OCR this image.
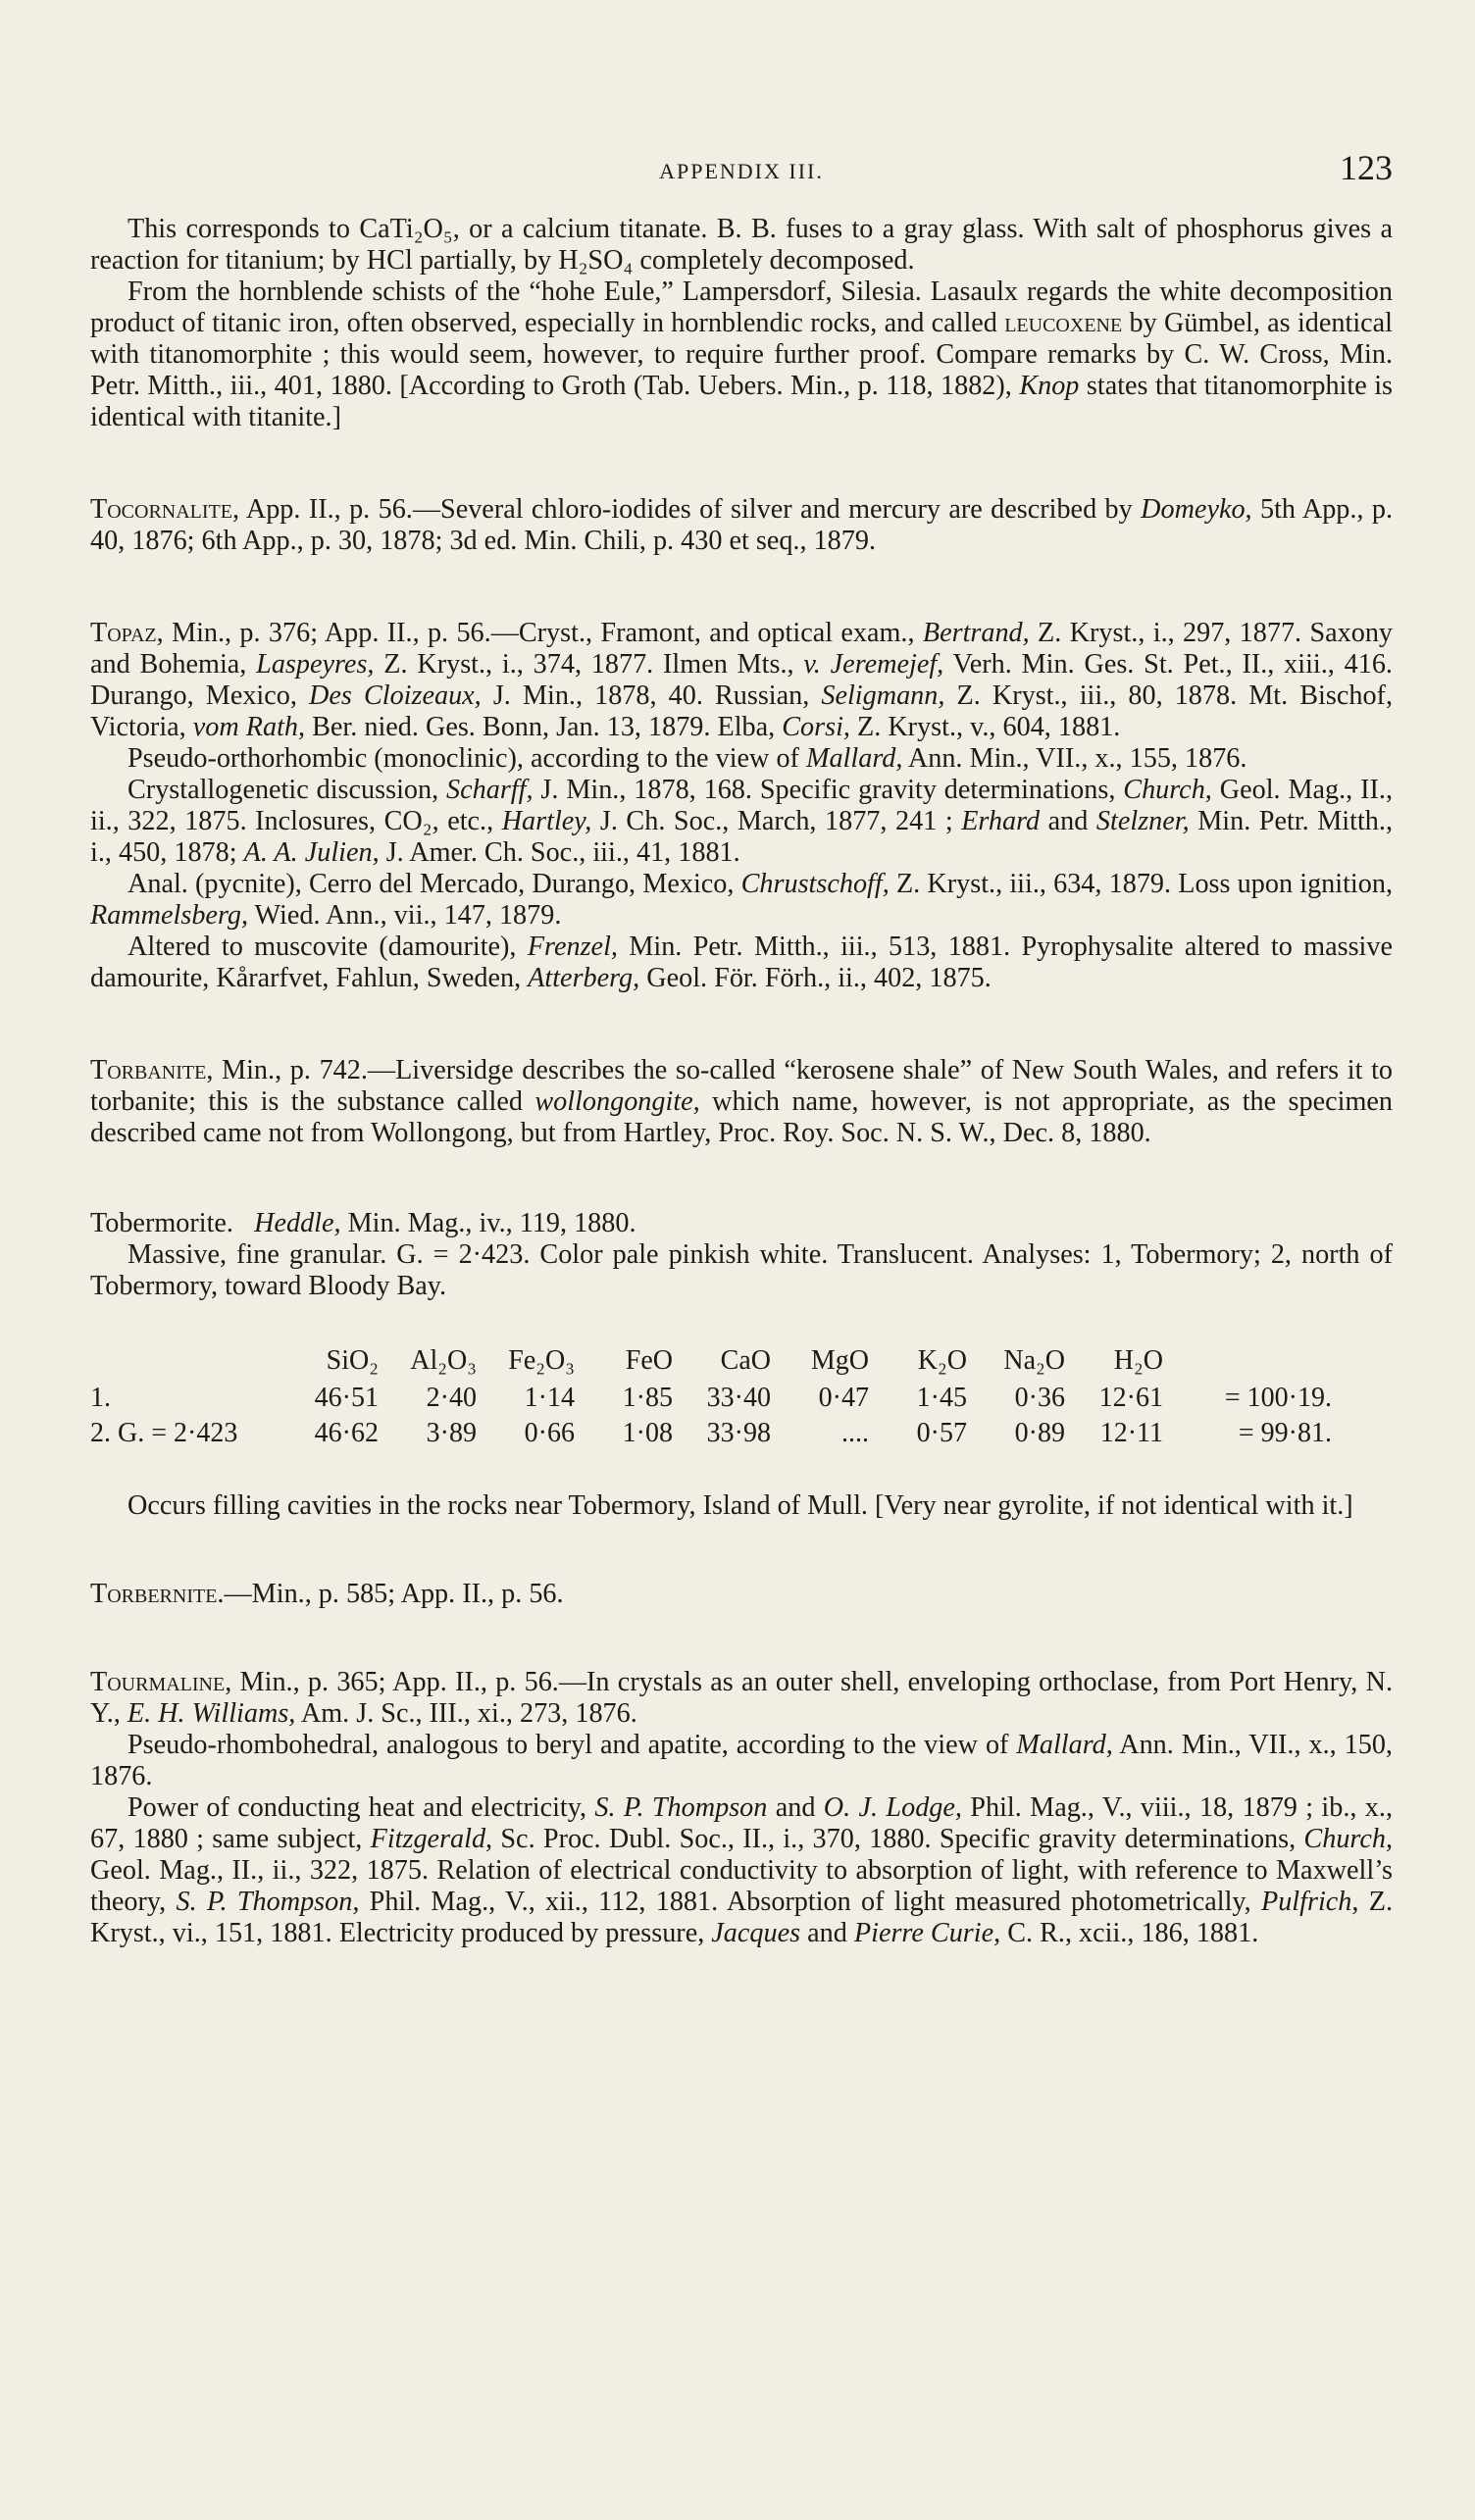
APPENDIX III.	123

This corresponds to CaTi₂O₅, or a calcium titanate. B. B. fuses to a gray glass. With salt of phosphorus gives a reaction for titanium; by HCl partially, by H₂SO₄ completely decomposed.

From the hornblende schists of the “hohe Eule,” Lampersdorf, Silesia. Lasaulx regards the white decomposition product of titanic iron, often observed, especially in hornblendic rocks, and called leucoxene by Gümbel, as identical with titanomorphite ; this would seem, however, to require further proof. Compare remarks by C. W. Cross, Min. Petr. Mitth., iii., 401, 1880. [According to Groth (Tab. Uebers. Min., p. 118, 1882), Knop states that titanomorphite is identical with titanite.]

Tocornalite, App. II., p. 56.—Several chloro-iodides of silver and mercury are described by Domeyko, 5th App., p. 40, 1876; 6th App., p. 30, 1878; 3d ed. Min. Chili, p. 430 et seq., 1879.

Topaz, Min., p. 376; App. II., p. 56.—Cryst., Framont, and optical exam., Bertrand, Z. Kryst., i., 297, 1877. Saxony and Bohemia, Laspeyres, Z. Kryst., i., 374, 1877. Ilmen Mts., v. Jeremejef, Verh. Min. Ges. St. Pet., II., xiii., 416. Durango, Mexico, Des Cloizeaux, J. Min., 1878, 40. Russian, Seligmann, Z. Kryst., iii., 80, 1878. Mt. Bischof, Victoria, vom Rath, Ber. nied. Ges. Bonn, Jan. 13, 1879. Elba, Corsi, Z. Kryst., v., 604, 1881.

Pseudo-orthorhombic (monoclinic), according to the view of Mallard, Ann. Min., VII., x., 155, 1876.

Crystallogenetic discussion, Scharff, J. Min., 1878, 168. Specific gravity determinations, Church, Geol. Mag., II., ii., 322, 1875. Inclosures, CO₂, etc., Hartley, J. Ch. Soc., March, 1877, 241 ; Erhard and Stelzner, Min. Petr. Mitth., i., 450, 1878; A. A. Julien, J. Amer. Ch. Soc., iii., 41, 1881.

Anal. (pycnite), Cerro del Mercado, Durango, Mexico, Chrustschoff, Z. Kryst., iii., 634, 1879. Loss upon ignition, Rammelsberg, Wied. Ann., vii., 147, 1879.

Altered to muscovite (damourite), Frenzel, Min. Petr. Mitth., iii., 513, 1881. Pyrophysalite altered to massive damourite, Kårarfvet, Fahlun, Sweden, Atterberg, Geol. För. Förh., ii., 402, 1875.

Torbanite, Min., p. 742.—Liversidge describes the so-called “kerosene shale” of New South Wales, and refers it to torbanite; this is the substance called wollongongite, which name, however, is not appropriate, as the specimen described came not from Wollongong, but from Hartley, Proc. Roy. Soc. N. S. W., Dec. 8, 1880.

Tobermorite. Heddle, Min. Mag., iv., 119, 1880.

Massive, fine granular. G. = 2·423. Color pale pinkish white. Translucent. Analyses: 1, Tobermory; 2, north of Tobermory, toward Bloody Bay.

	SiO₂	Al₂O₃	Fe₂O₃	FeO	CaO	MgO	K₂O	Na₂O	H₂O	
1.	46·51	2·40	1·14	1·85	33·40	0·47	1·45	0·36	12·61	= 100·19.
2. G. = 2·423	46·62	3·89	0·66	1·08	33·98	....	0·57	0·89	12·11	= 99·81.

Occurs filling cavities in the rocks near Tobermory, Island of Mull. [Very near gyrolite, if not identical with it.]

Torbernite.—Min., p. 585; App. II., p. 56.

Tourmaline, Min., p. 365; App. II., p. 56.—In crystals as an outer shell, enveloping orthoclase, from Port Henry, N. Y., E. H. Williams, Am. J. Sc., III., xi., 273, 1876.

Pseudo-rhombohedral, analogous to beryl and apatite, according to the view of Mallard, Ann. Min., VII., x., 150, 1876.

Power of conducting heat and electricity, S. P. Thompson and O. J. Lodge, Phil. Mag., V., viii., 18, 1879 ; ib., x., 67, 1880 ; same subject, Fitzgerald, Sc. Proc. Dubl. Soc., II., i., 370, 1880. Specific gravity determinations, Church, Geol. Mag., II., ii., 322, 1875. Relation of electrical conductivity to absorption of light, with reference to Maxwell’s theory, S. P. Thompson, Phil. Mag., V., xii., 112, 1881. Absorption of light measured photometrically, Pulfrich, Z. Kryst., vi., 151, 1881. Electricity produced by pressure, Jacques and Pierre Curie, C. R., xcii., 186, 1881.
